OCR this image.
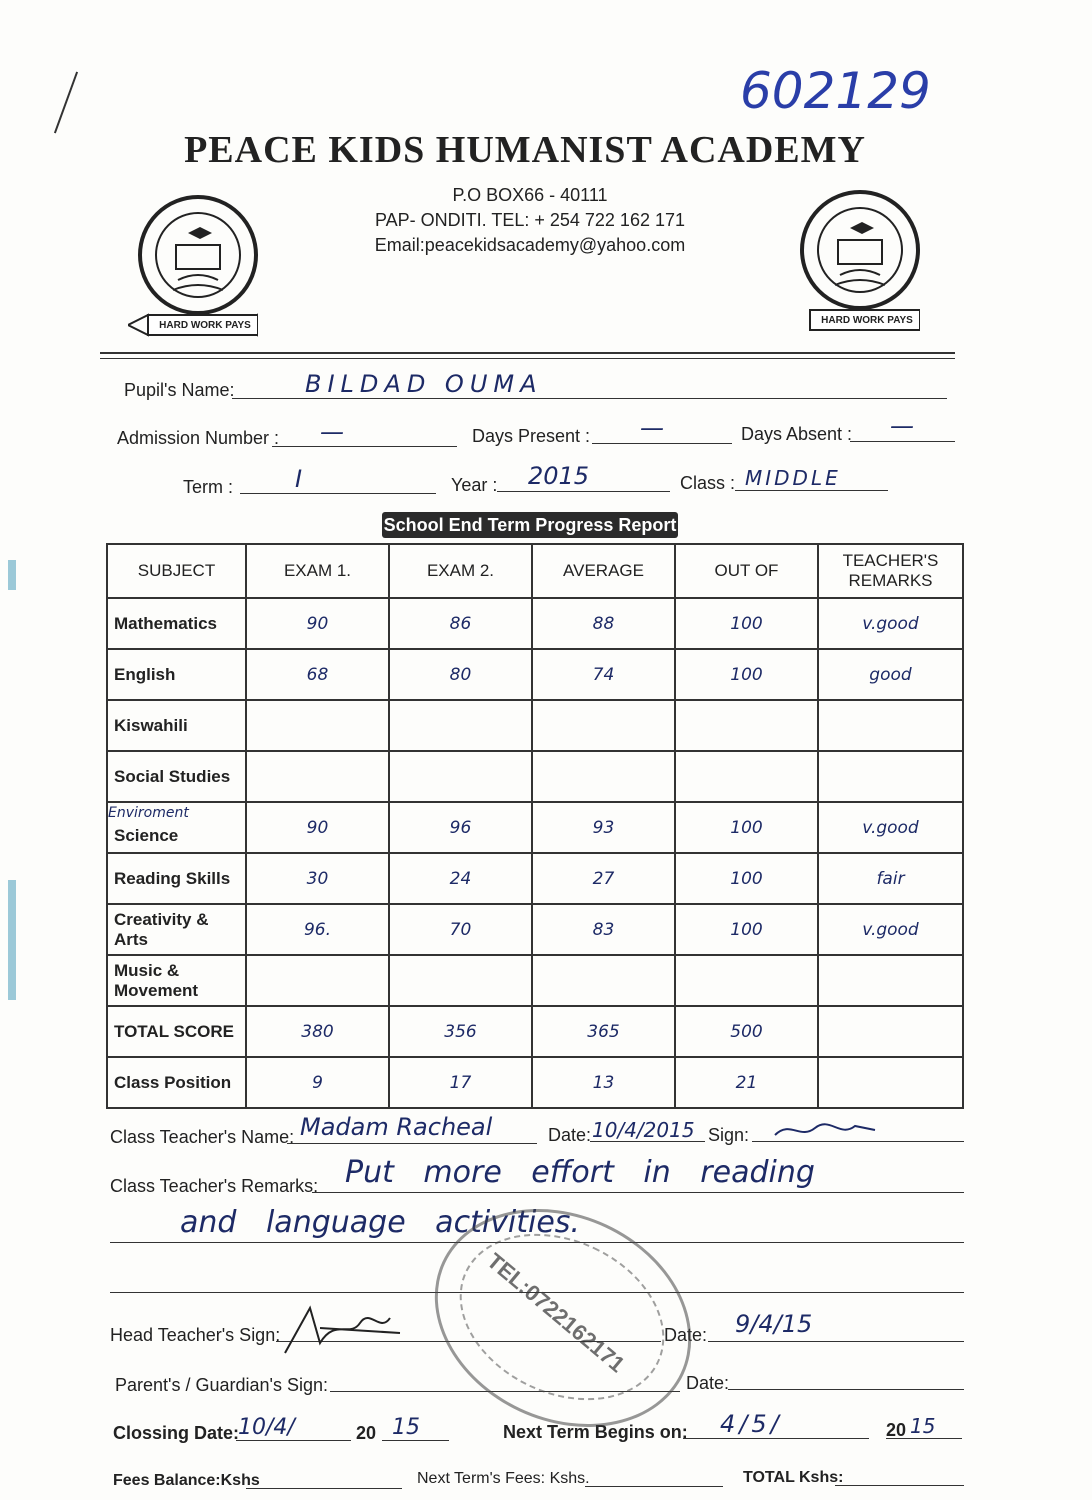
602129
PEACE KIDS HUMANIST ACADEMY
P.O BOX66 - 40111
PAP- ONDITI. TEL: + 254 722 162 171
Email:peacekidsacademy@yahoo.com
HARD WORK PAYS	HARD WORK PAYS
Pupil's Name:	BILDAD OUMA
Admission Number : —	Days Present : —	Days Absent : —
Term :	I	Year : 2015	Class : MIDDLE
School End Term Progress Report
SUBJECT	EXAM 1.	EXAM 2.	AVERAGE	OUT OF	TEACHER'S REMARKS
Mathematics	90	86	88	100	v.good
English	68	80	74	100	good
Kiswahili					
Social Studies					

Enviroment
Science	90	96	93	100	v.good
Reading Skills	30	24	27	100	fair
Creativity & Arts	96.	70	83	100	v.good
Music & Movement					
TOTAL SCORE	380	356	365	500	
Class Position	9	17	13	21	
Class Teacher's Name: Madam Racheal	Date: 10/4/2015 Sign:
Class Teacher's Remarks: Put more effort in reading
and language activities.
Head Teacher's Sign:	Date: 9/4/15
Parent's / Guardian's Sign:	Date:
Clossing Date:
10/4/	20 15	Next Term Begins on: 4/5/	20 15
Fees Balance:Kshs	Next Term's Fees: Kshs.	TOTAL Kshs:
TEL:0722162171
